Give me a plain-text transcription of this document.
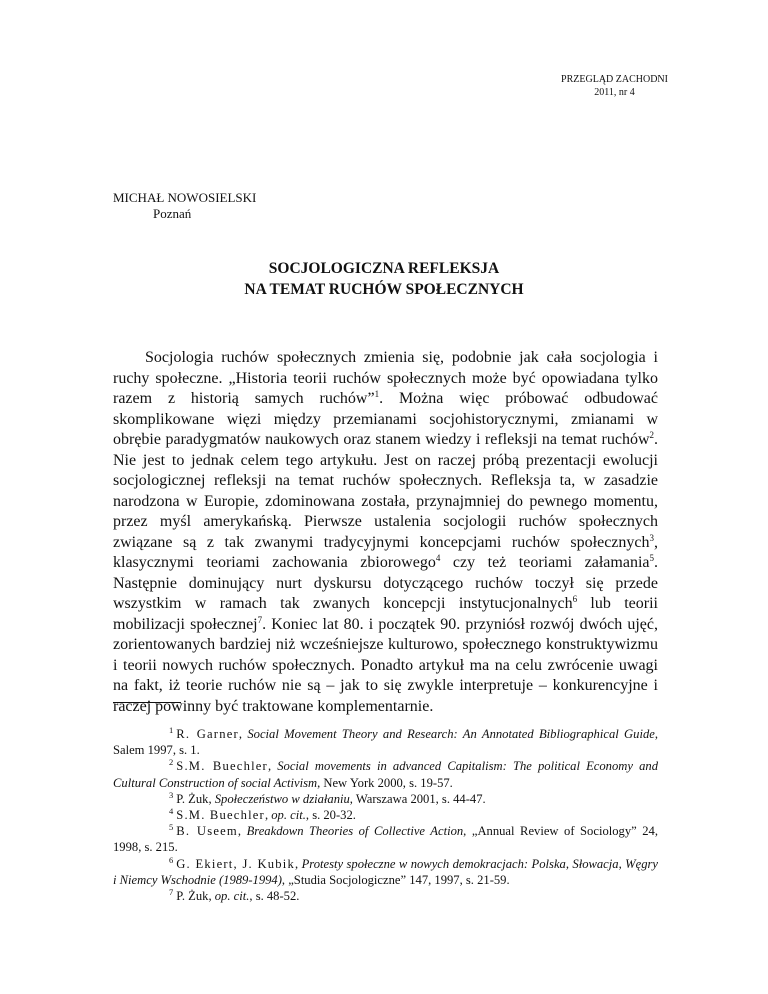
PRZEGLĄD ZACHODNI
2011, nr 4
MICHAŁ NOWOSIELSKI
Poznań
SOCJOLOGICZNA REFLEKSJA
NA TEMAT RUCHÓW SPOŁECZNYCH

Socjologia ruchów społecznych zmienia się, podobnie jak cała socjologia i ruchy społeczne. „Historia teorii ruchów społecznych może być opowiadana tylko razem z historią samych ruchów”$^1$. Można więc próbować odbudować skomplikowane więzi między przemianami socjohistorycznymi, zmianami w obrębie paradygmatów naukowych oraz stanem wiedzy i refleksji na temat ruchów$^2$. Nie jest to jednak celem tego artykułu. Jest on raczej próbą prezentacji ewolucji socjologicznej refleksji na temat ruchów społecznych. Refleksja ta, w zasadzie narodzona w Europie, zdominowana została, przynajmniej do pewnego momentu, przez myśl amerykańską. Pierwsze ustalenia socjologii ruchów społecznych związane są z tak zwanymi tradycyjnymi koncepcjami ruchów społecznych$^3$, klasycznymi teoriami zachowania zbiorowego$^4$ czy też teoriami załamania$^5$. Następnie dominujący nurt dyskursu dotyczącego ruchów toczył się przede wszystkim w ramach tak zwanych koncepcji instytucjonalnych$^6$ lub teorii mobilizacji społecznej$^7$. Koniec lat 80. i początek 90. przyniósł rozwój dwóch ujęć, zorientowanych bardziej niż wcześniejsze kulturowo, społecznego konstruktywizmu i teorii nowych ruchów społecznych. Ponadto artykuł ma na celu zwrócenie uwagi na fakt, iż teorie ruchów nie są – jak to się zwykle interpretuje – konkurencyjne i raczej powinny być traktowane komplementarnie.

1 R. Garner, Social Movement Theory and Research: An Annotated Bibliographical Guide, Salem 1997, s. 1.

2 S.M. Buechler, Social movements in advanced Capitalism: The political Economy and Cultural Construction of social Activism, New York 2000, s. 19-57.

3 P. Żuk, Społeczeństwo w działaniu, Warszawa 2001, s. 44-47.

4 S.M. Buechler, op. cit., s. 20-32.

5 B. Useem, Breakdown Theories of Collective Action, „Annual Review of Sociology” 24, 1998, s. 215.

6 G. Ekiert, J. Kubik, Protesty społeczne w nowych demokracjach: Polska, Słowacja, Węgry i Niemcy Wschodnie (1989-1994), „Studia Socjologiczne” 147, 1997, s. 21-59.

7 P. Żuk, op. cit., s. 48-52.
